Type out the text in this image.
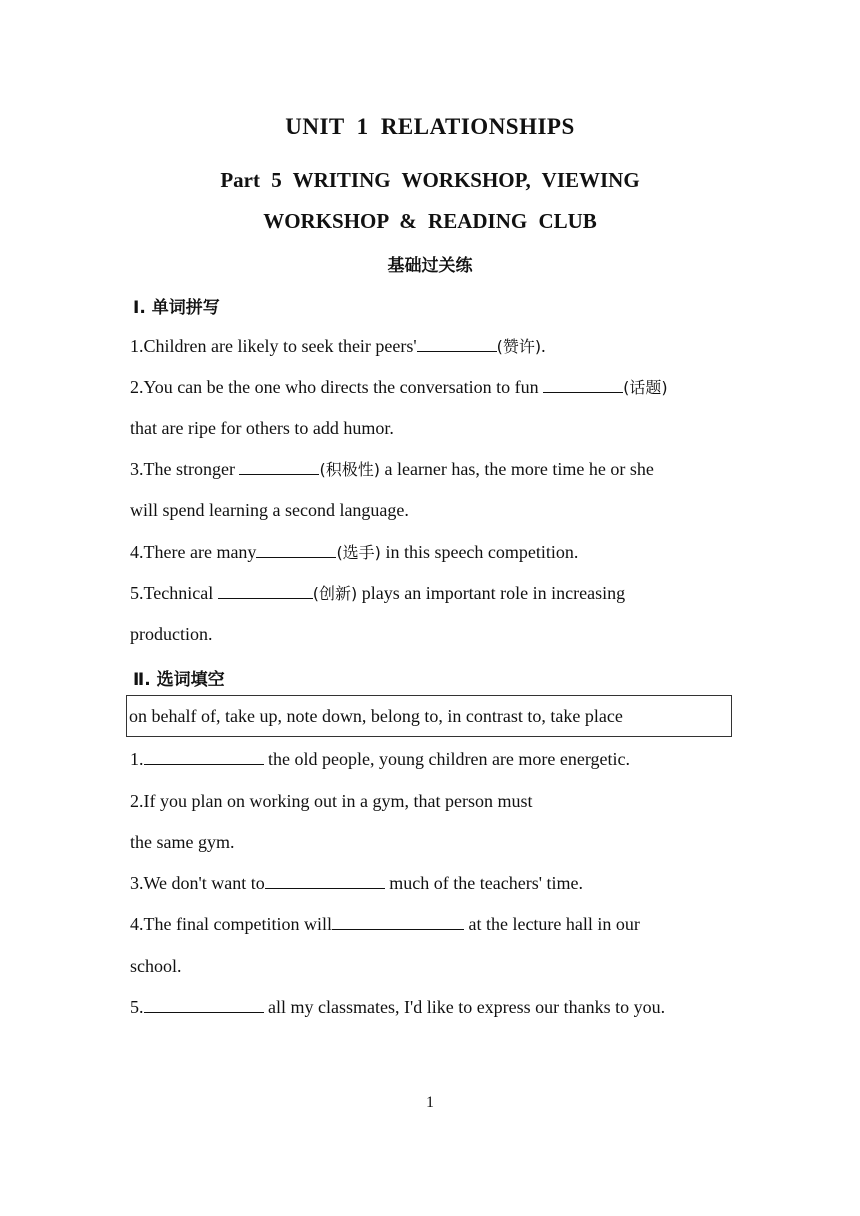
UNIT 1 RELATIONSHIPS
Part 5 WRITING WORKSHOP, VIEWING
WORKSHOP & READING CLUB
基础过关练
Ⅰ. 单词拼写
1.Children are likely to seek their peers'	(赞许).
2.You can be the one who directs the conversation to fun	(话题)
that are ripe for others to add humor.
3.The stronger	(积极性) a learner has, the more time he or she
will spend learning a second language.
4.There are many	(选手) in this speech competition.
5.Technical	(创新) plays an important role in increasing
production.
Ⅱ. 选词填空
on behalf of, take up, note down, belong to, in contrast to, take place
1.	the old people, young children are more energetic.
2.If you plan on working out in a gym, that person must
the same gym.
3.We don't want to	much of the teachers' time.
4.The final competition will	at the lecture hall in our
school.
5.	all my classmates, I'd like to express our thanks to you.
1
